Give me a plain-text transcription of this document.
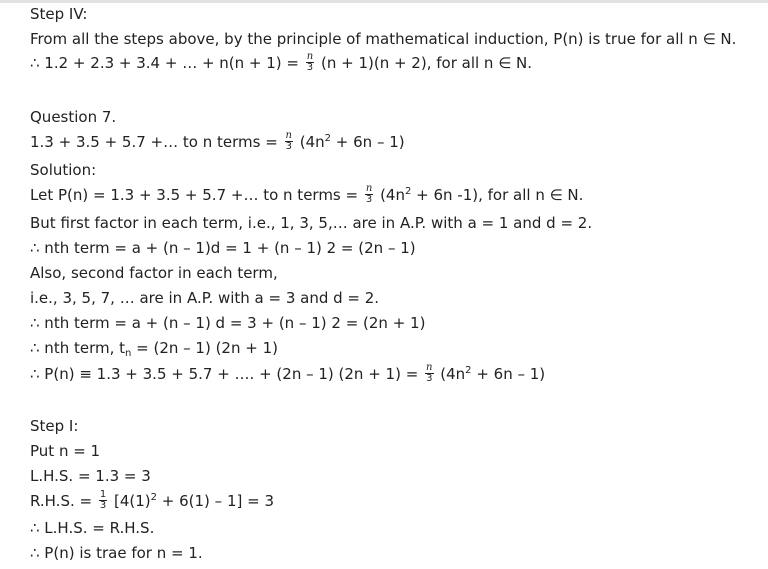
Step IV:
From all the steps above, by the principle of mathematical induction, P(n) is true for all n ∈ N.
∴ 1.2 + 2.3 + 3.4 + … + $n(n + 1) = \frac{n}{3} (n + 1)(n + 2)$, for all n ∈ N.
Question 7.
1.3 + 3.5 + 5.7 +… to n terms = $\frac{n}{3} (4n^2 + 6n - 1)$
Solution:
Let P(n) = 1.3 + 3.5 + 5.7 +… to n terms = $\frac{n}{3} (4n^2 + 6n$ -1), for all n ∈ N.
But first factor in each term, i.e., 1, 3, 5,… are in A.P. with a = 1 and d = 2.
∴ nth term = a + (n – 1)d = 1 + (n – 1) 2 = (2n – 1)
Also, second factor in each term,
i.e., 3, 5, 7, … are in A.P. with a = 3 and d = 2.
∴ nth term = a + (n – 1) d = 3 + (n – 1) 2 = (2n + 1)
∴ nth term, $t_n = (2n - 1) (2n + 1)$
∴ P(n) ≡ 1.3 + 3.5 + 5.7 + …. + (2n – 1) $(2n + 1) = \frac{n}{3} (4n^2 + 6n - 1)$
Step I:
Put n = 1
L.H.S. = 1.3 = 3
R.H.S. = $\frac{1}{3} [4(1)^2 + 6(1) - 1] = 3$
∴ L.H.S. = R.H.S.
∴ P(n) is trae for n = 1.
